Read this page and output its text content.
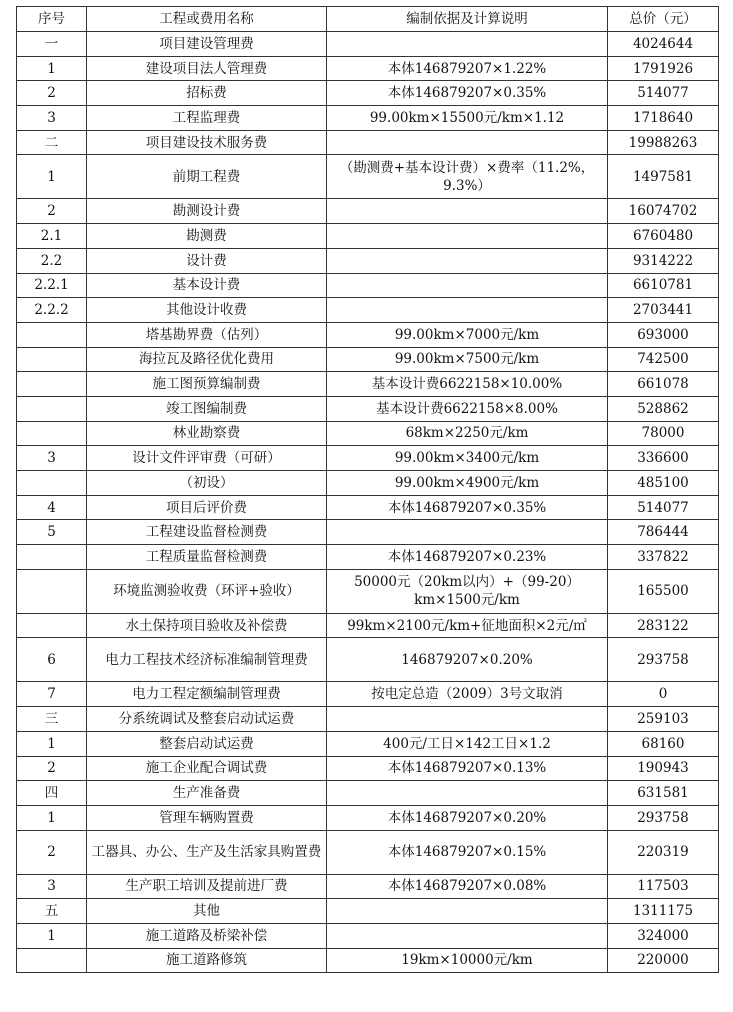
序号	工程或费用名称	编制依据及计算说明	总价（元）
一	项目建设管理费		4024644
1	建设项目法人管理费	本体146879207×1.22%	1791926
2	招标费	本体146879207×0.35%	514077
3	工程监理费	99.00km×15500元/km×1.12	1718640
二	项目建设技术服务费		19988263
1	前期工程费	（勘测费+基本设计费）×费率（11.2%，9.3%）	1497581
2	勘测设计费		16074702
2.1	勘测费		6760480
2.2	设计费		9314222
2.2.1	基本设计费		6610781
2.2.2	其他设计收费		2703441
	塔基勘界费（估列）	99.00km×7000元/km	693000
	海拉瓦及路径优化费用	99.00km×7500元/km	742500
	施工图预算编制费	基本设计费6622158×10.00%	661078
	竣工图编制费	基本设计费6622158×8.00%	528862
	林业勘察费	68km×2250元/km	78000
3	设计文件评审费（可研）	99.00km×3400元/km	336600
	（初设）	99.00km×4900元/km	485100
4	项目后评价费	本体146879207×0.35%	514077
5	工程建设监督检测费		786444
	工程质量监督检测费	本体146879207×0.23%	337822
	环境监测验收费（环评+验收）	50000元（20km以内）+（99-20）km×1500元/km	165500
	水土保持项目验收及补偿费	99km×2100元/km+征地面积×2元/㎡	283122
6	电力工程技术经济标准编制管理费	146879207×0.20%	293758
7	电力工程定额编制管理费	按电定总造（2009）3号文取消	0
三	分系统调试及整套启动试运费		259103
1	整套启动试运费	400元/工日×142工日×1.2	68160
2	施工企业配合调试费	本体146879207×0.13%	190943
四	生产准备费		631581
1	管理车辆购置费	本体146879207×0.20%	293758
2	工器具、办公、生产及生活家具购置费	本体146879207×0.15%	220319
3	生产职工培训及提前进厂费	本体146879207×0.08%	117503
五	其他		1311175
1	施工道路及桥梁补偿		324000
	施工道路修筑	19km×10000元/km	220000
